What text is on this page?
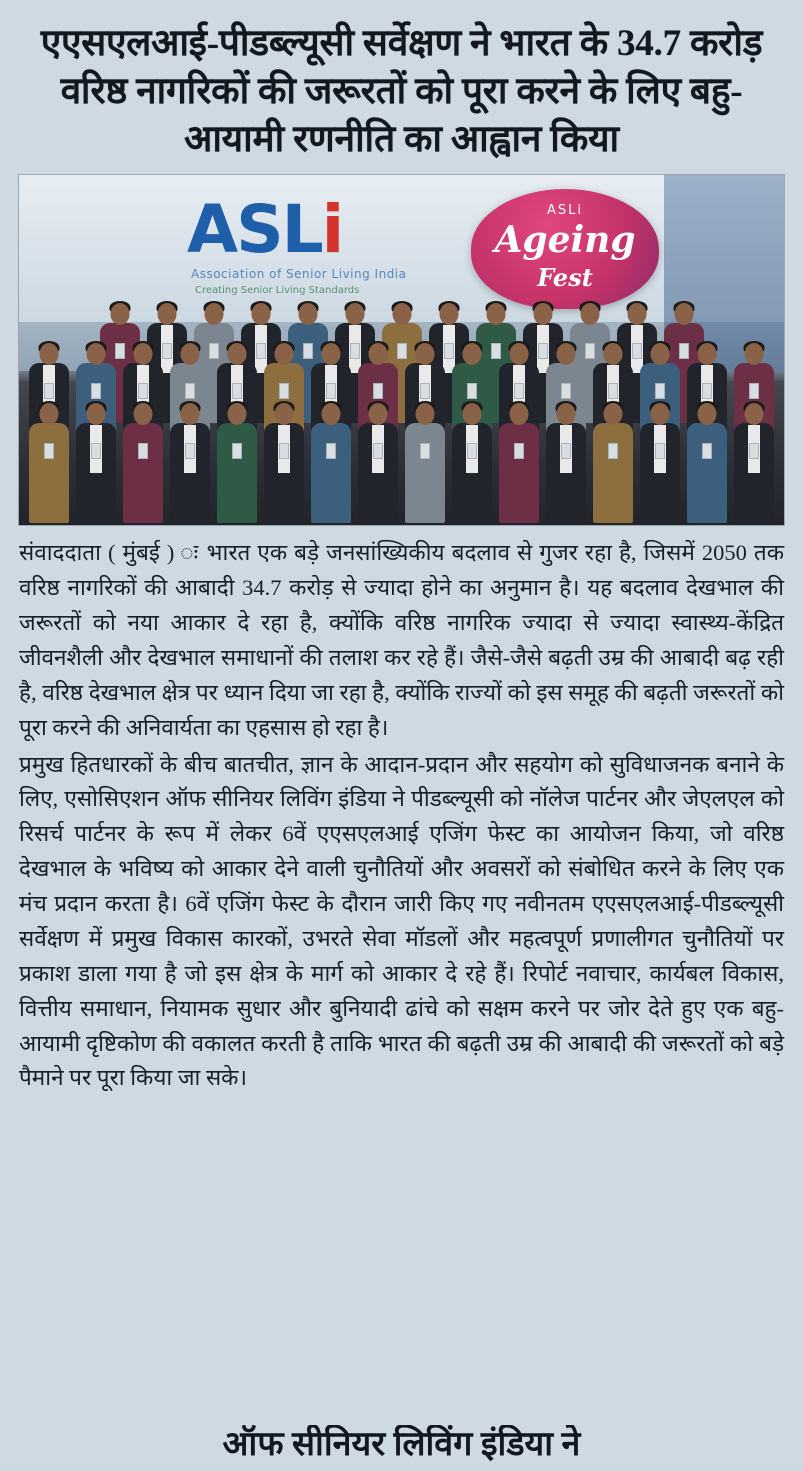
एएसएलआई-पीडब्ल्यूसी सर्वेक्षण ने भारत के 34.7 करोड़ वरिष्ठ नागरिकों की जरूरतों को पूरा करने के लिए बहु-आयामी रणनीति का आह्वान किया
ASLi
Association of Senior Living India
Creating Senior Living Standards
ASLi
Ageing
Fest

संवाददाता ( मुंबई ) ः भारत एक बड़े जनसांख्यिकीय बदलाव से गुजर रहा है, जिसमें 2050 तक वरिष्ठ नागरिकों की आबादी 34.7 करोड़ से ज्यादा होने का अनुमान है। यह बदलाव देखभाल की जरूरतों को नया आकार दे रहा है, क्योंकि वरिष्ठ नागरिक ज्यादा से ज्यादा स्वास्थ्य-केंद्रित जीवनशैली और देखभाल समाधानों की तलाश कर रहे हैं। जैसे-जैसे बढ़ती उम्र की आबादी बढ़ रही है, वरिष्ठ देखभाल क्षेत्र पर ध्यान दिया जा रहा है, क्योंकि राज्यों को इस समूह की बढ़ती जरूरतों को पूरा करने की अनिवार्यता का एहसास हो रहा है।

प्रमुख हितधारकों के बीच बातचीत, ज्ञान के आदान-प्रदान और सहयोग को सुविधाजनक बनाने के लिए, एसोसिएशन ऑफ सीनियर लिविंग इंडिया ने पीडब्ल्यूसी को नॉलेज पार्टनर और जेएलएल को रिसर्च पार्टनर के रूप में लेकर 6वें एएसएलआई एजिंग फेस्ट का आयोजन किया, जो वरिष्ठ देखभाल के भविष्य को आकार देने वाली चुनौतियों और अवसरों को संबोधित करने के लिए एक मंच प्रदान करता है। 6वें एजिंग फेस्ट के दौरान जारी किए गए नवीनतम एएसएलआई-पीडब्ल्यूसी सर्वेक्षण में प्रमुख विकास कारकों, उभरते सेवा मॉडलों और महत्वपूर्ण प्रणालीगत चुनौतियों पर प्रकाश डाला गया है जो इस क्षेत्र के मार्ग को आकार दे रहे हैं। रिपोर्ट नवाचार, कार्यबल विकास, वित्तीय समाधान, नियामक सुधार और बुनियादी ढांचे को सक्षम करने पर जोर देते हुए एक बहु-आयामी दृष्टिकोण की वकालत करती है ताकि भारत की बढ़ती उम्र की आबादी की जरूरतों को बड़े पैमाने पर पूरा किया जा सके।

ऑफ सीनियर लिविंग इंडिया ने
